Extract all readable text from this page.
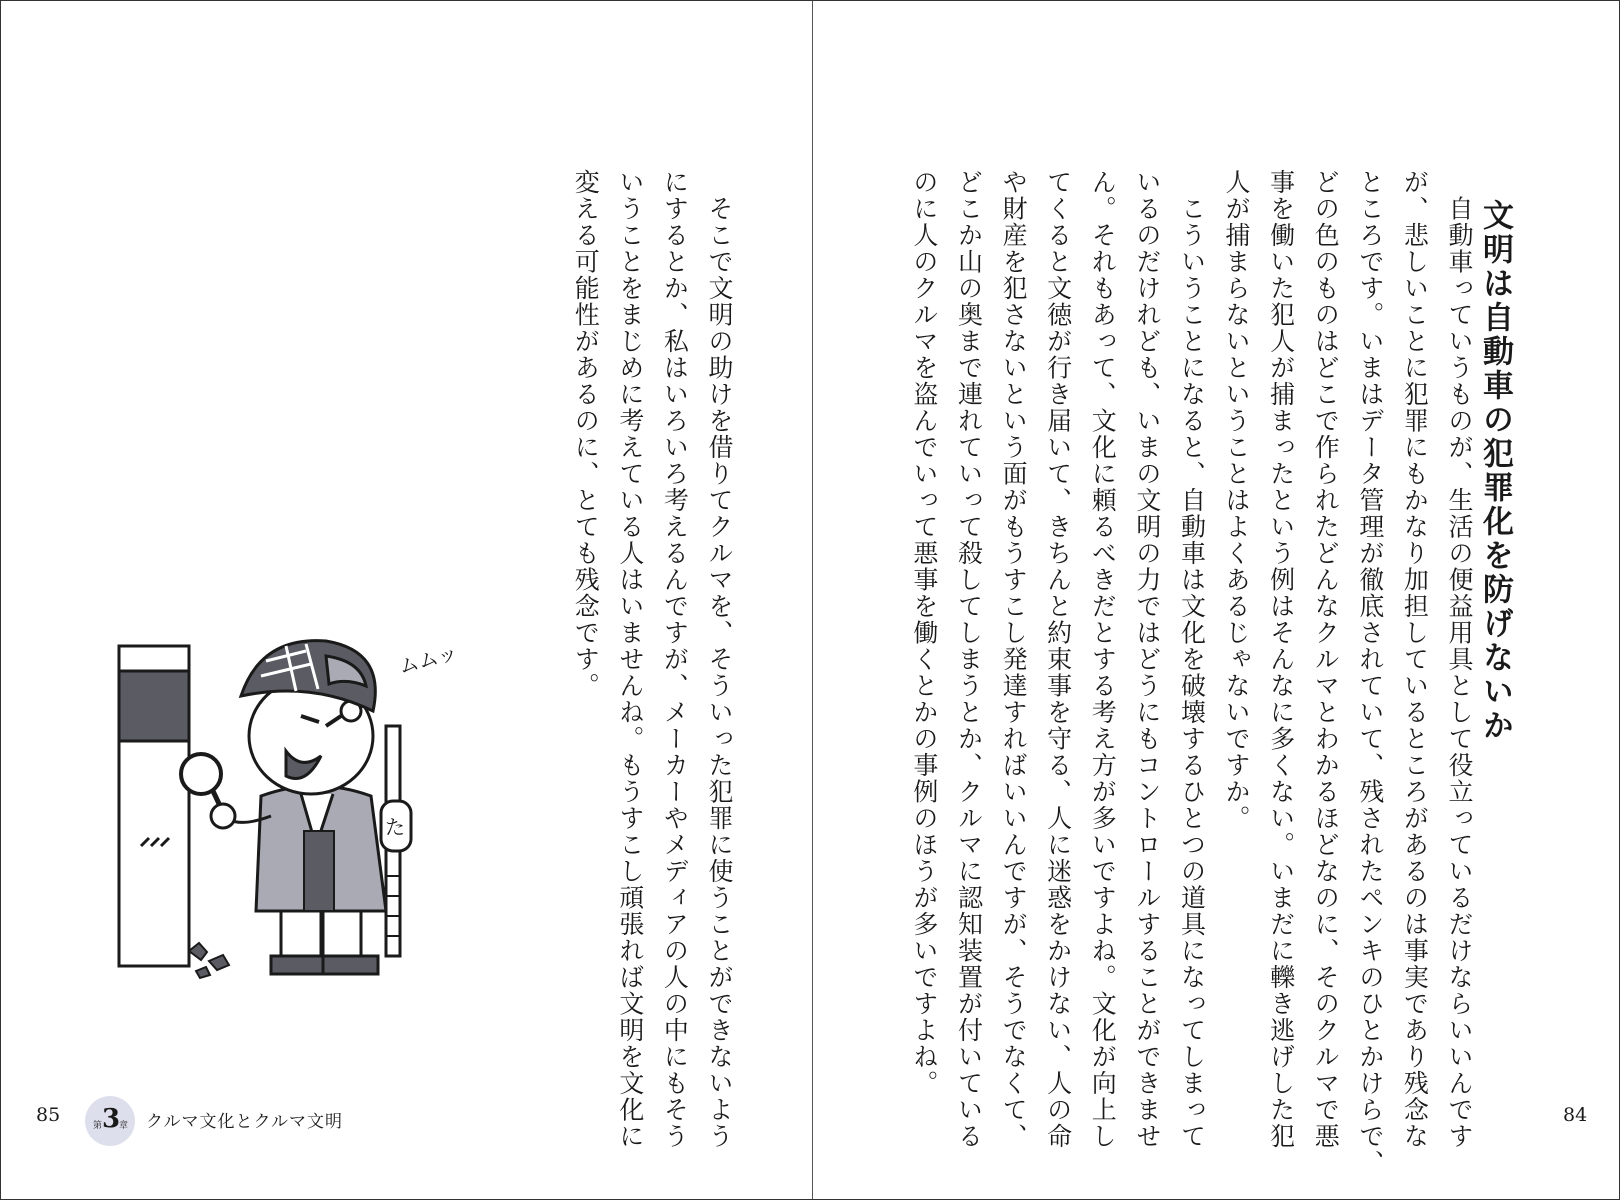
文明は自動車の犯罪化を防げないか
　自動車っていうものが、生活の便益用具として役立っているだけならいいんです
が、悲しいことに犯罪にもかなり加担しているところがあるのは事実であり残念な
ところです。いまはデータ管理が徹底されていて、残されたペンキのひとかけらで、
どの色のものはどこで作られたどんなクルマとわかるほどなのに、そのクルマで悪
事を働いた犯人が捕まったという例はそんなに多くない。いまだに轢き逃げした犯
人が捕まらないということはよくあるじゃないですか。
　こういうことになると、自動車は文化を破壊するひとつの道具になってしまって
いるのだけれども、いまの文明の力ではどうにもコントロールすることができませ
ん。それもあって、文化に頼るべきだとする考え方が多いですよね。文化が向上し
てくると文徳が行き届いて、きちんと約束事を守る、人に迷惑をかけない、人の命
や財産を犯さないという面がもうすこし発達すればいいんですが、そうでなくて、
どこか山の奥まで連れていって殺してしまうとか、クルマに認知装置が付いている
のに人のクルマを盗んでいって悪事を働くとかの事例のほうが多いですよね。
84
　そこで文明の助けを借りてクルマを、そういった犯罪に使うことができないよう
にするとか、私はいろいろ考えるんですが、メーカーやメディアの人の中にもそう
いうことをまじめに考えている人はいませんね。もうすこし頑張れば文明を文化に
変える可能性があるのに、とても残念です。
た
ムムッ
85	第 3
章 クルマ文化とクルマ文明
